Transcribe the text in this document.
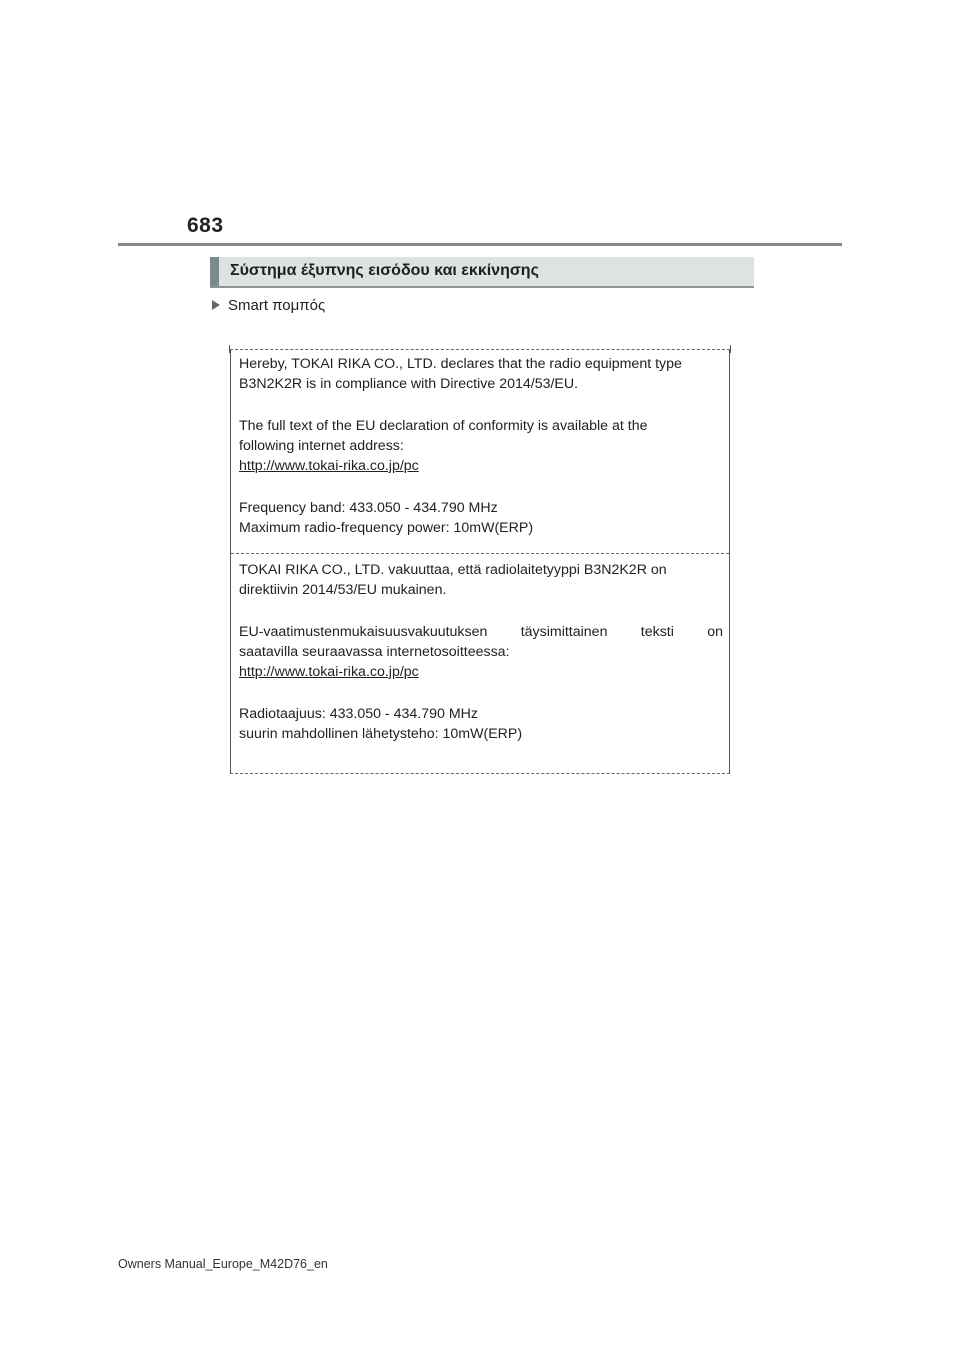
683
Σύστημα έξυπνης εισόδου και εκκίνησης
Smart πομπός

Hereby, TOKAI RIKA CO., LTD. declares that the radio equipment type

B3N2K2R is in compliance with Directive 2014/53/EU.

The full text of the EU declaration of conformity is available at the

following internet address:

http://www.tokai-rika.co.jp/pc

Frequency band: 433.050 - 434.790 MHz

Maximum radio-frequency power: 10mW(ERP)

TOKAI RIKA CO., LTD. vakuuttaa, että radiolaitetyyppi B3N2K2R on

direktiivin 2014/53/EU mukainen.

EU-vaatimustenmukaisuusvakuutuksen täysimittainen teksti on

saatavilla seuraavassa internetosoitteessa:

http://www.tokai-rika.co.jp/pc

Radiotaajuus: 433.050 - 434.790 MHz

suurin mahdollinen lähetysteho: 10mW(ERP)

Owners Manual_Europe_M42D76_en
